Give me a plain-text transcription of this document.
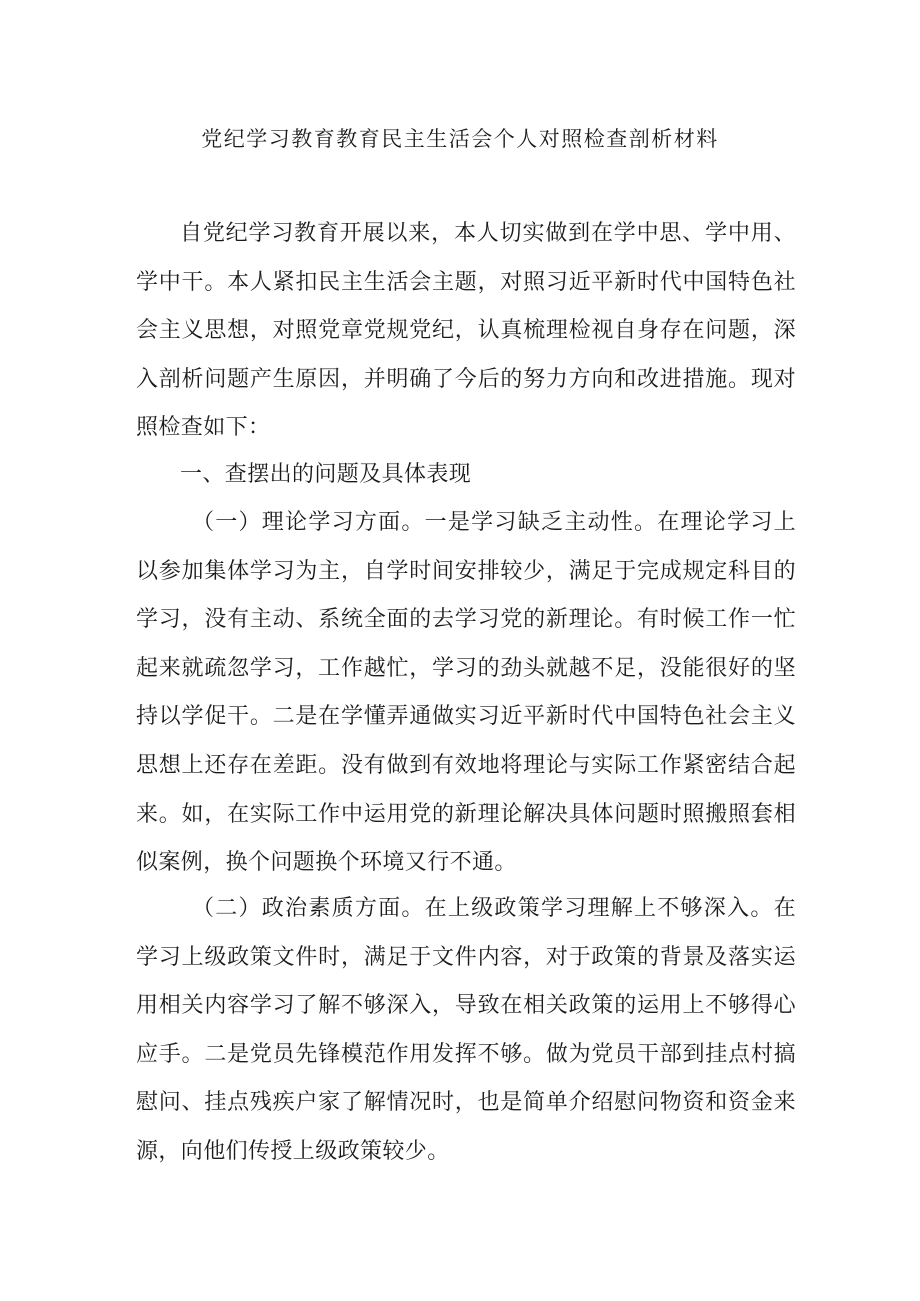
党纪学习教育教育民主生活会个人对照检查剖析材料

自党纪学习教育开展以来，本人切实做到在学中思、学中用、学中干。本人紧扣民主生活会主题，对照习近平新时代中国特色社会主义思想，对照党章党规党纪，认真梳理检视自身存在问题，深入剖析问题产生原因，并明确了今后的努力方向和改进措施。现对照检查如下：

一、查摆出的问题及具体表现

（一）理论学习方面。一是学习缺乏主动性。在理论学习上以参加集体学习为主，自学时间安排较少，满足于完成规定科目的学习，没有主动、系统全面的去学习党的新理论。有时候工作一忙起来就疏忽学习，工作越忙，学习的劲头就越不足，没能很好的坚持以学促干。二是在学懂弄通做实习近平新时代中国特色社会主义思想上还存在差距。没有做到有效地将理论与实际工作紧密结合起来。如，在实际工作中运用党的新理论解决具体问题时照搬照套相似案例，换个问题换个环境又行不通。

（二）政治素质方面。在上级政策学习理解上不够深入。在学习上级政策文件时，满足于文件内容，对于政策的背景及落实运用相关内容学习了解不够深入，导致在相关政策的运用上不够得心应手。二是党员先锋模范作用发挥不够。做为党员干部到挂点村搞慰问、挂点残疾户家了解情况时，也是简单介绍慰问物资和资金来源，向他们传授上级政策较少。
